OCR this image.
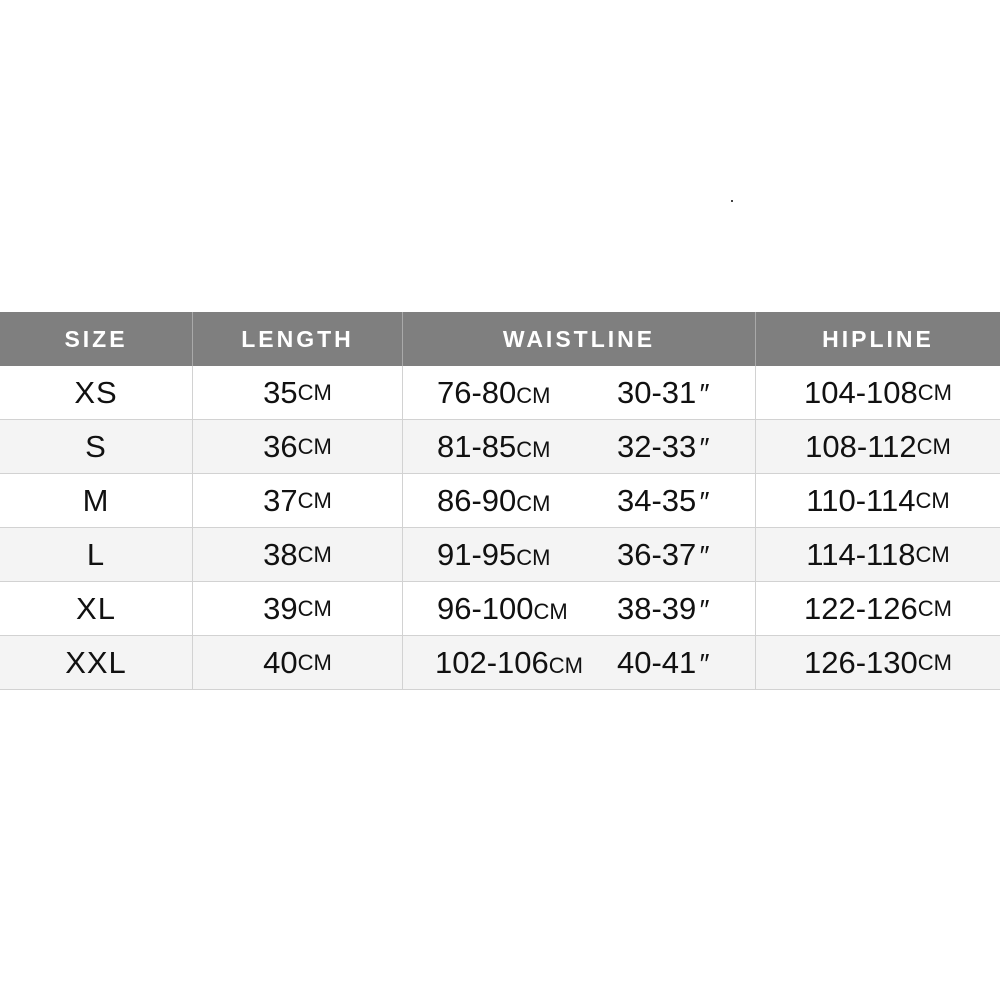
SIZE	LENGTH	WAISTLINE	HIPLINE
XS	35 CM	76-80CM	30-31″	104-108 CM
S	36 CM	81-85CM	32-33″	108-112 CM
M	37 CM	86-90CM	34-35″	110-114 CM
L	38 CM	91-95CM	36-37″	114-118 CM
XL	39 CM	96-100CM	38-39″	122-126 CM
XXL	40 CM	102-106CM	40-41″	126-130 CM
